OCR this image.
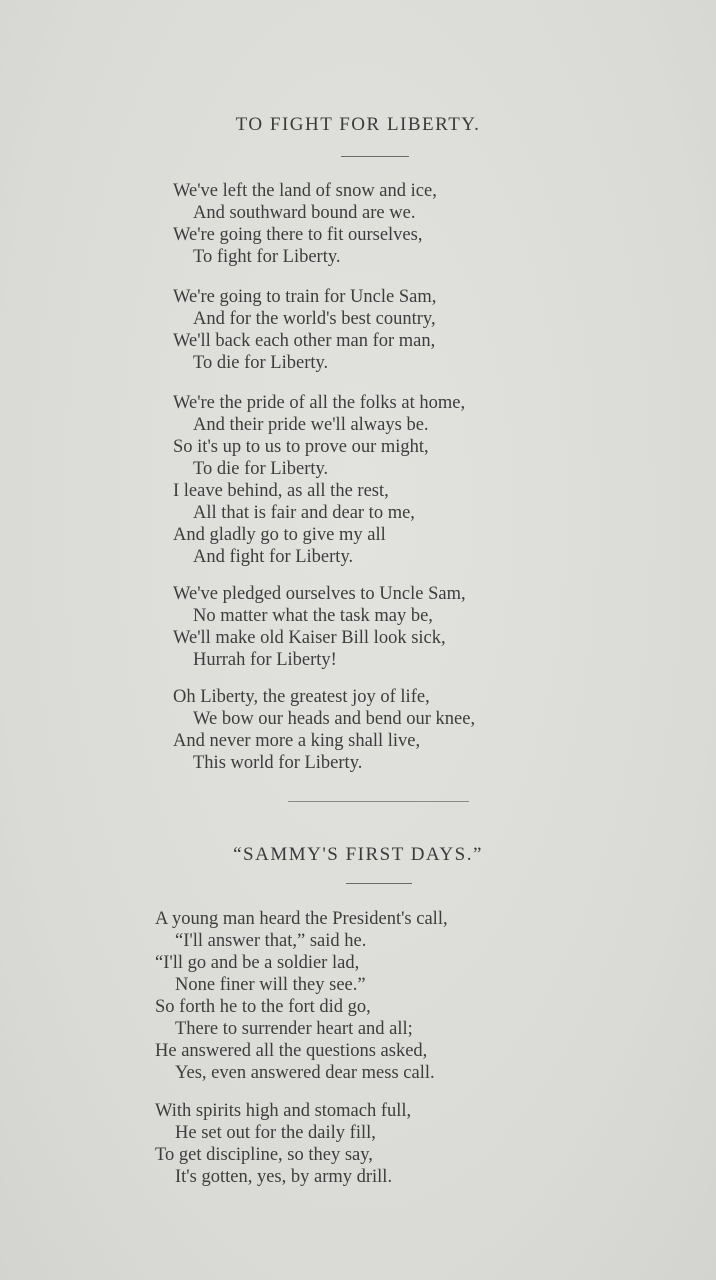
TO FIGHT FOR LIBERTY.
We've left the land of snow and ice,
And southward bound are we.
We're going there to fit ourselves,
To fight for Liberty.
We're going to train for Uncle Sam,
And for the world's best country,
We'll back each other man for man,
To die for Liberty.
We're the pride of all the folks at home,
And their pride we'll always be.
So it's up to us to prove our might,
To die for Liberty.
I leave behind, as all the rest,
All that is fair and dear to me,
And gladly go to give my all
And fight for Liberty.
We've pledged ourselves to Uncle Sam,
No matter what the task may be,
We'll make old Kaiser Bill look sick,
Hurrah for Liberty!
Oh Liberty, the greatest joy of life,
We bow our heads and bend our knee,
And never more a king shall live,
This world for Liberty.
“SAMMY'S FIRST DAYS.”
A young man heard the President's call,
“I'll answer that,” said he.
“I'll go and be a soldier lad,
None finer will they see.”
So forth he to the fort did go,
There to surrender heart and all;
He answered all the questions asked,
Yes, even answered dear mess call.
With spirits high and stomach full,
He set out for the daily fill,
To get discipline, so they say,
It's gotten, yes, by army drill.
